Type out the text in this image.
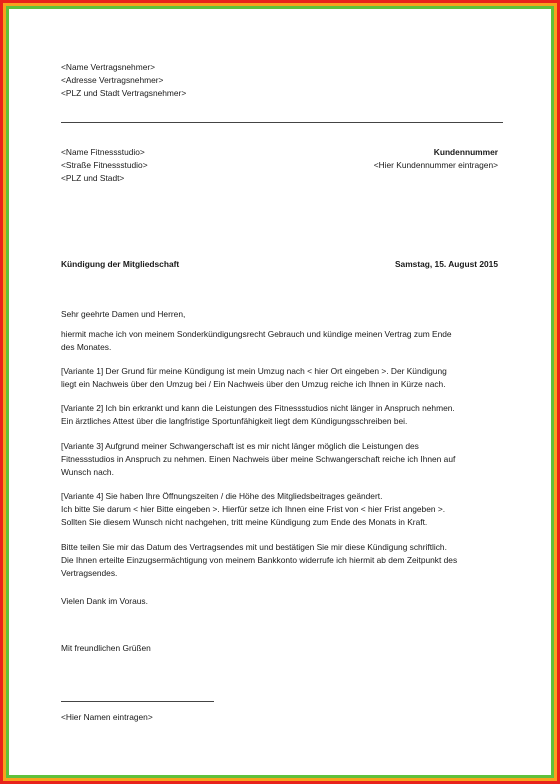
<Name Vertragsnehmer>
<Adresse Vertragsnehmer>
<PLZ und Stadt Vertragsnehmer>
<Name Fitnessstudio>
<Straße Fitnessstudio>
<PLZ und Stadt>
Kundennummer
<Hier Kundennummer eintragen>
Kündigung der Mitgliedschaft	Samstag, 15. August 2015
Sehr geehrte Damen und Herren,
hiermit mache ich von meinem Sonderkündigungsrecht Gebrauch und kündige meinen Vertrag zum Ende
des Monates.
[Variante 1] Der Grund für meine Kündigung ist mein Umzug nach < hier Ort eingeben >. Der Kündigung
liegt ein Nachweis über den Umzug bei / Ein Nachweis über den Umzug reiche ich Ihnen in Kürze nach.
[Variante 2] Ich bin erkrankt und kann die Leistungen des Fitnessstudios nicht länger in Anspruch nehmen.
Ein ärztliches Attest über die langfristige Sportunfähigkeit liegt dem Kündigungsschreiben bei.
[Variante 3] Aufgrund meiner Schwangerschaft ist es mir nicht länger möglich die Leistungen des
Fitnessstudios in Anspruch zu nehmen. Einen Nachweis über meine Schwangerschaft reiche ich Ihnen auf
Wunsch nach.
[Variante 4] Sie haben Ihre Öffnungszeiten / die Höhe des Mitgliedsbeitrages geändert.
Ich bitte Sie darum < hier Bitte eingeben >. Hierfür setze ich Ihnen eine Frist von < hier Frist angeben >.
Sollten Sie diesem Wunsch nicht nachgehen, tritt meine Kündigung zum Ende des Monats in Kraft.
Bitte teilen Sie mir das Datum des Vertragsendes mit und bestätigen Sie mir diese Kündigung schriftlich.
Die Ihnen erteilte Einzugsermächtigung von meinem Bankkonto widerrufe ich hiermit ab dem Zeitpunkt des
Vertragsendes.
Vielen Dank im Voraus.
Mit freundlichen Grüßen
<Hier Namen eintragen>
